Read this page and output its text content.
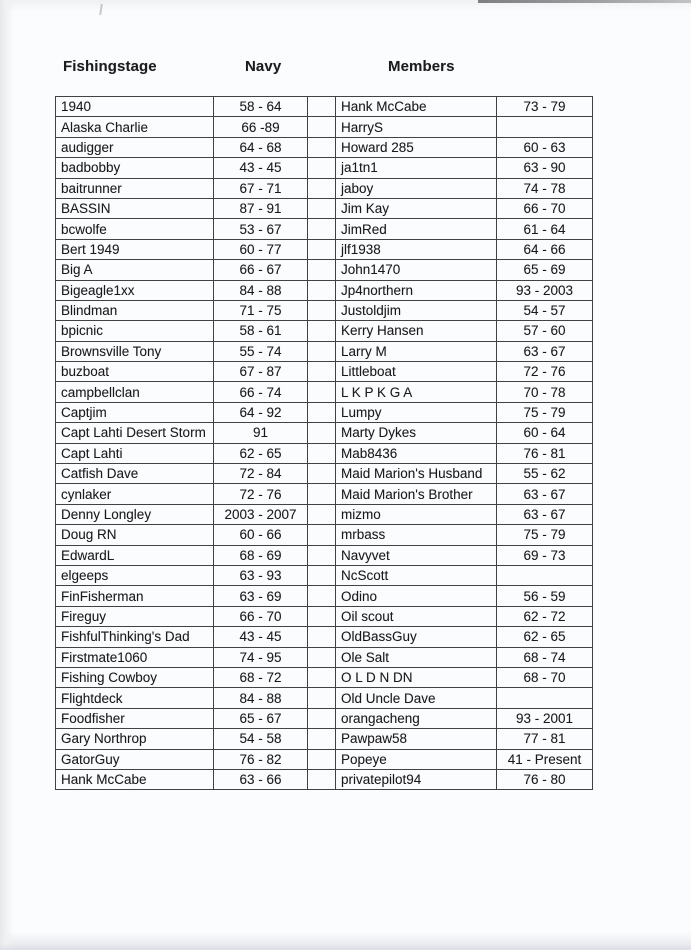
Fishingstage	Navy	Members
1940	58 - 64		Hank McCabe	73 - 79
Alaska Charlie	66 -89		HarryS	
audigger	64 - 68		Howard 285	60 - 63
badbobby	43 - 45		ja1tn1	63 - 90
baitrunner	67 - 71		jaboy	74 - 78
BASSIN	87 - 91		Jim Kay	66 - 70
bcwolfe	53 - 67		JimRed	61 - 64
Bert 1949	60 - 77		jlf1938	64 - 66
Big A	66 - 67		John1470	65 - 69
Bigeagle1xx	84 - 88		Jp4northern	93 - 2003
Blindman	71 - 75		Justoldjim	54 - 57
bpicnic	58 - 61		Kerry Hansen	57 - 60
Brownsville Tony	55 - 74		Larry M	63 - 67
buzboat	67 - 87		Littleboat	72 - 76
campbellclan	66 - 74		L K P K G A	70 - 78
Captjim	64 - 92		Lumpy	75 - 79
Capt Lahti Desert Storm	91		Marty Dykes	60 - 64
Capt Lahti	62 - 65		Mab8436	76 - 81
Catfish Dave	72 - 84		Maid Marion's Husband	55 - 62
cynlaker	72 - 76		Maid Marion's Brother	63 - 67
Denny Longley	2003 - 2007		mizmo	63 - 67
Doug RN	60 - 66		mrbass	75 - 79
EdwardL	68 - 69		Navyvet	69 - 73
elgeeps	63 - 93		NcScott	
FinFisherman	63 - 69		Odino	56 - 59
Fireguy	66 - 70		Oil scout	62 - 72
FishfulThinking's Dad	43 - 45		OldBassGuy	62 - 65
Firstmate1060	74 - 95		Ole Salt	68 - 74
Fishing Cowboy	68 - 72		O L D N DN	68 - 70
Flightdeck	84 - 88		Old Uncle Dave	
Foodfisher	65 - 67		orangacheng	93 - 2001
Gary Northrop	54 - 58		Pawpaw58	77 - 81
GatorGuy	76 - 82		Popeye	41 - Present
Hank McCabe	63 - 66		privatepilot94	76 - 80
